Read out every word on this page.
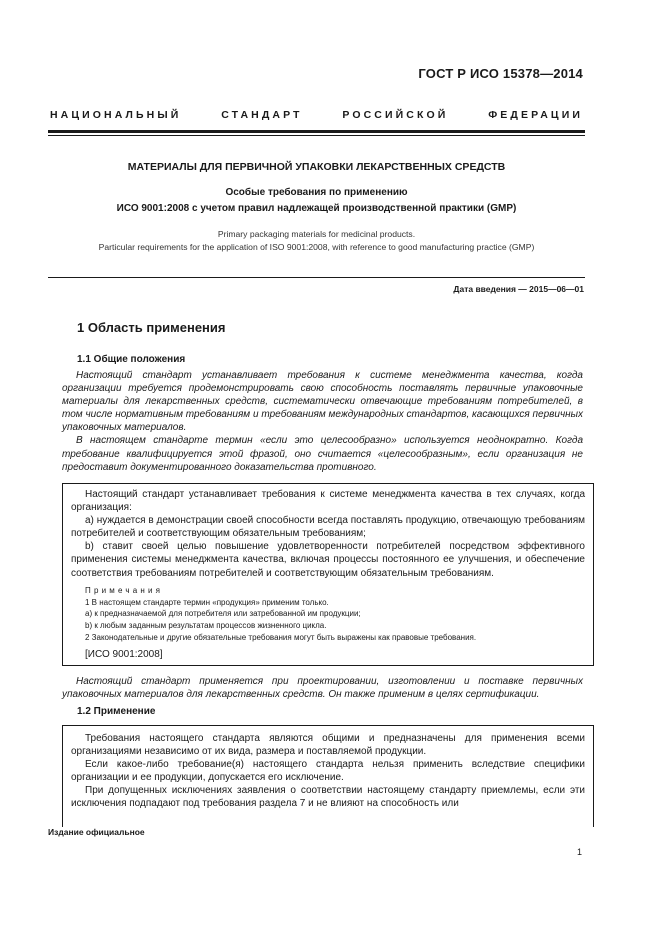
ГОСТ Р ИСО 15378—2014
НАЦИОНАЛЬНЫЙ СТАНДАРТ РОССИЙСКОЙ ФЕДЕРАЦИИ
МАТЕРИАЛЫ ДЛЯ ПЕРВИЧНОЙ УПАКОВКИ ЛЕКАРСТВЕННЫХ СРЕДСТВ
Особые требования по применению
ИСО 9001:2008 с учетом правил надлежащей производственной практики (GMP)
Primary packaging materials for medicinal products.
Particular requirements for the application of ISO 9001:2008, with reference to good manufacturing practice (GMP)
Дата введения — 2015—06—01
1 Область применения
1.1 Общие положения

Настоящий стандарт устанавливает требования к системе менеджмента качества, когда организации требуется продемонстрировать свою способность поставлять первичные упаковочные материалы для лекарственных средств, систематически отвечающие требованиям потребителей, в том числе нормативным требованиям и требованиям международных стандартов, касающихся первичных упаковочных материалов.

В настоящем стандарте термин «если это целесообразно» используется неоднократно. Когда требование квалифицируется этой фразой, оно считается «целесообразным», если организация не предоставит документированного доказательства противного.

Настоящий стандарт устанавливает требования к системе менеджмента качества в тех случаях, когда организация:

а) нуждается в демонстрации своей способности всегда поставлять продукцию, отвечающую требованиям потребителей и соответствующим обязательным требованиям;

b) ставит своей целью повышение удовлетворенности потребителей посредством эффективного применения системы менеджмента качества, включая процессы постоянного ее улучшения, и обеспечение соответствия требованиям потребителей и соответствующим обязательным требованиям.

Примечания
1 В настоящем стандарте термин «продукция» применим только.
а) к предназначаемой для потребителя или затребованной им продукции;
b) к любым заданным результатам процессов жизненного цикла.
2 Законодательные и другие обязательные требования могут быть выражены как правовые требования.

[ИСО 9001:2008]

Настоящий стандарт применяется при проектировании, изготовлении и поставке первичных упаковочных материалов для лекарственных средств. Он также применим в целях сертификации.

1.2 Применение

Требования настоящего стандарта являются общими и предназначены для применения всеми организациями независимо от их вида, размера и поставляемой продукции.

Если какое-либо требование(я) настоящего стандарта нельзя применить вследствие специфики организации и ее продукции, допускается его исключение.

При допущенных исключениях заявления о соответствии настоящему стандарту приемлемы, если эти исключения подпадают под требования раздела 7 и не влияют на способность или

Издание официальное
1
